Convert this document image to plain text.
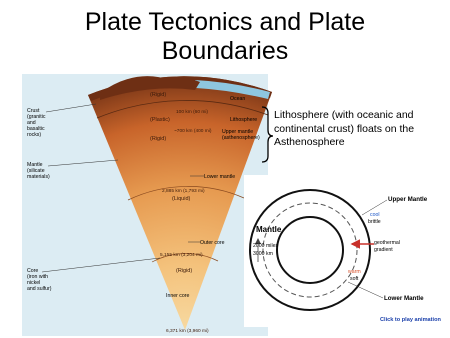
Plate Tectonics and Plate
Boundaries
(Rigid)
(Plastic)
(Rigid)
(Liquid)
(Rigid)
100 km (60 mi)
~700 km (400 mi)
2,885 km (1,793 mi)
5,155 km (3,204 mi)
6,371 km (3,960 mi)
Crust
(granitic
and
basaltic
rocks)
Mantle
(silicate
materials)
Core
(iron with
nickel
and sulfur)
Ocean
Lithosphere
Upper mantle
(asthenosphere)
Lower mantle
Outer core
Inner core
Mantle
2000 miles
3000 km
Upper Mantle
cool
brittle
geothermal
gradient
warm
soft
Lower Mantle
Click to play animation
Lithosphere (with oceanic and continental crust) floats on the Asthenosphere
